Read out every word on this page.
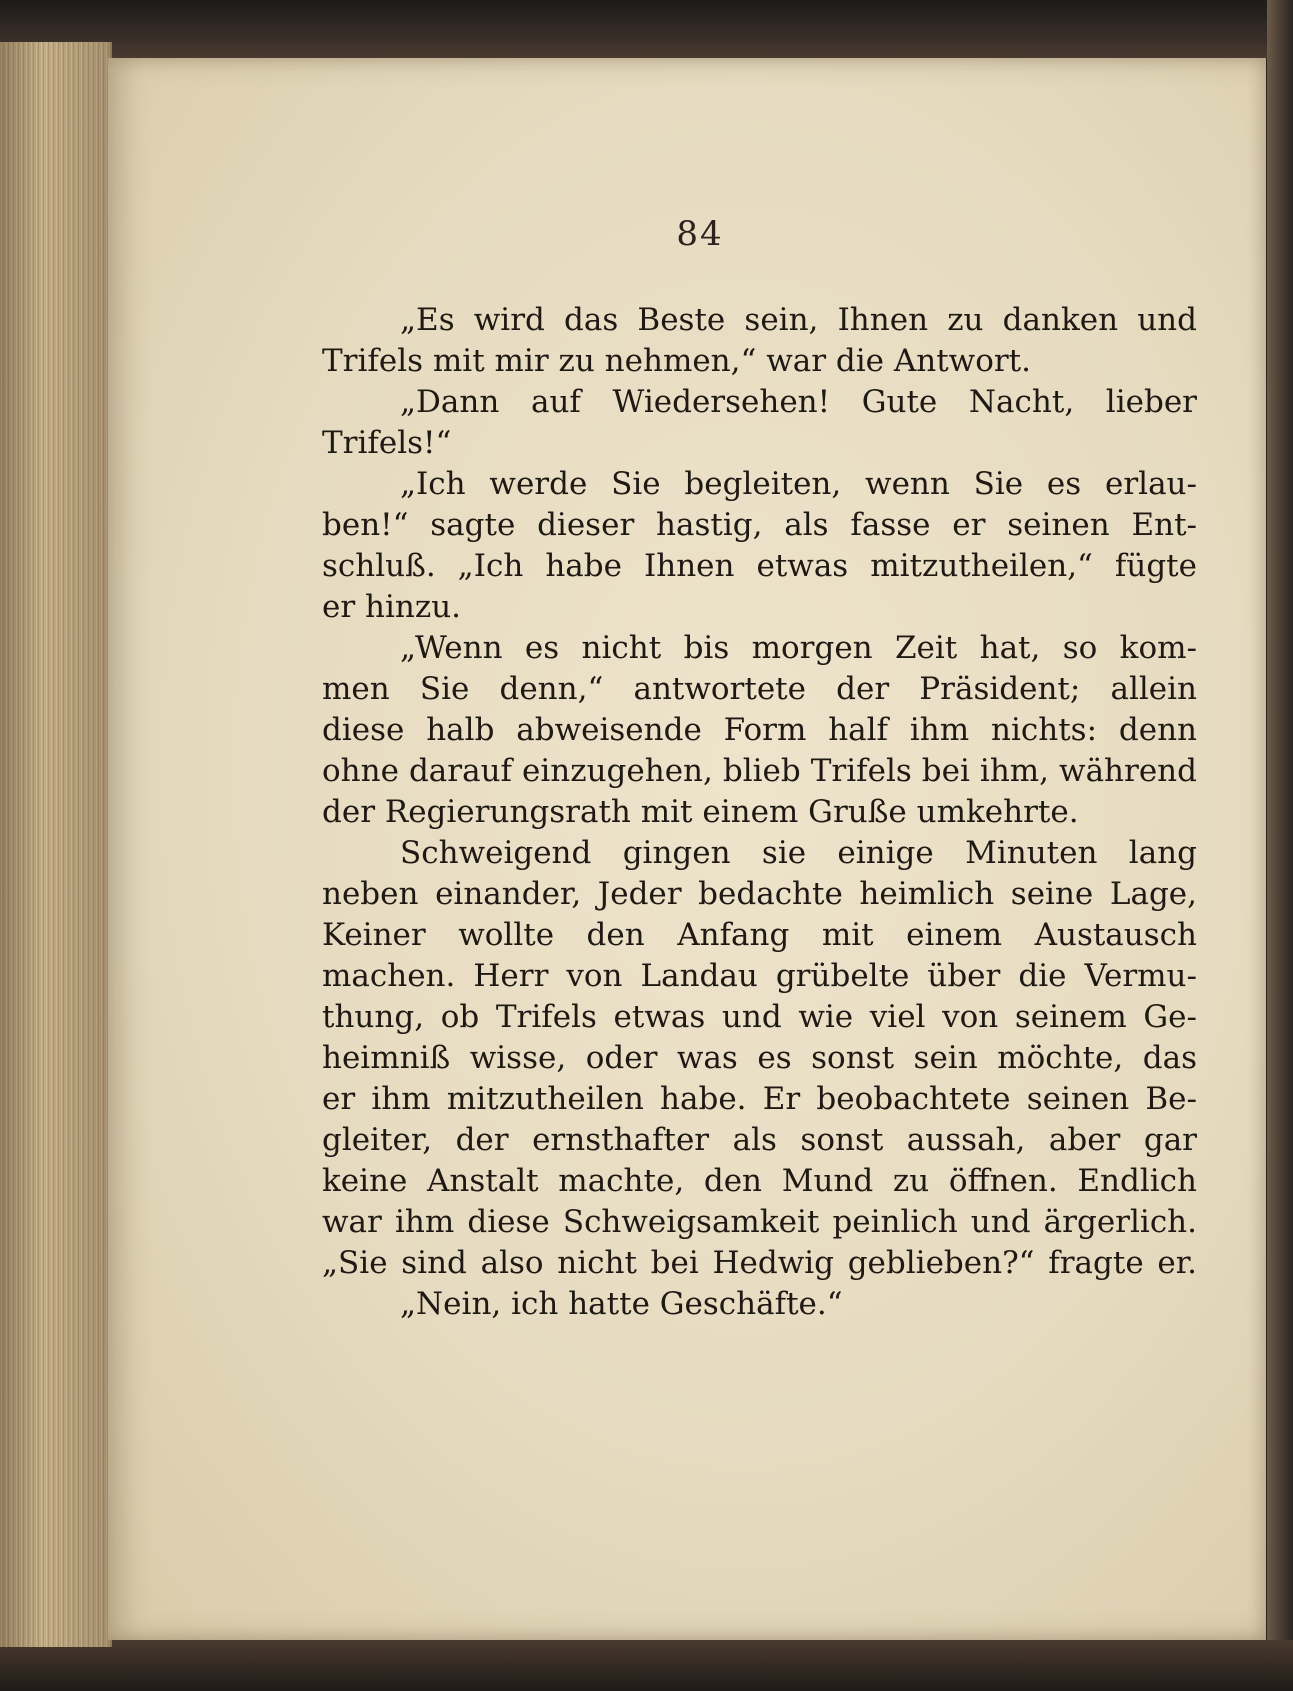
84
„Es wird das Beste sein, Ihnen zu danken und
Trifels mit mir zu nehmen,“ war die Antwort.
„Dann auf Wiedersehen! Gute Nacht, lieber
Trifels!“
„Ich werde Sie begleiten, wenn Sie es erlau-
ben!“ sagte dieser hastig, als fasse er seinen Ent-
schluß. „Ich habe Ihnen etwas mitzutheilen,“ fügte
er hinzu.
„Wenn es nicht bis morgen Zeit hat, so kom-
men Sie denn,“ antwortete der Präsident; allein
diese halb abweisende Form half ihm nichts: denn
ohne darauf einzugehen, blieb Trifels bei ihm, während
der Regierungsrath mit einem Gruße umkehrte.
Schweigend gingen sie einige Minuten lang
neben einander, Jeder bedachte heimlich seine Lage,
Keiner wollte den Anfang mit einem Austausch
machen. Herr von Landau grübelte über die Vermu-
thung, ob Trifels etwas und wie viel von seinem Ge-
heimniß wisse, oder was es sonst sein möchte, das
er ihm mitzutheilen habe. Er beobachtete seinen Be-
gleiter, der ernsthafter als sonst aussah, aber gar
keine Anstalt machte, den Mund zu öffnen. Endlich
war ihm diese Schweigsamkeit peinlich und ärgerlich.
„Sie sind also nicht bei Hedwig geblieben?“ fragte er.
„Nein, ich hatte Geschäfte.“
